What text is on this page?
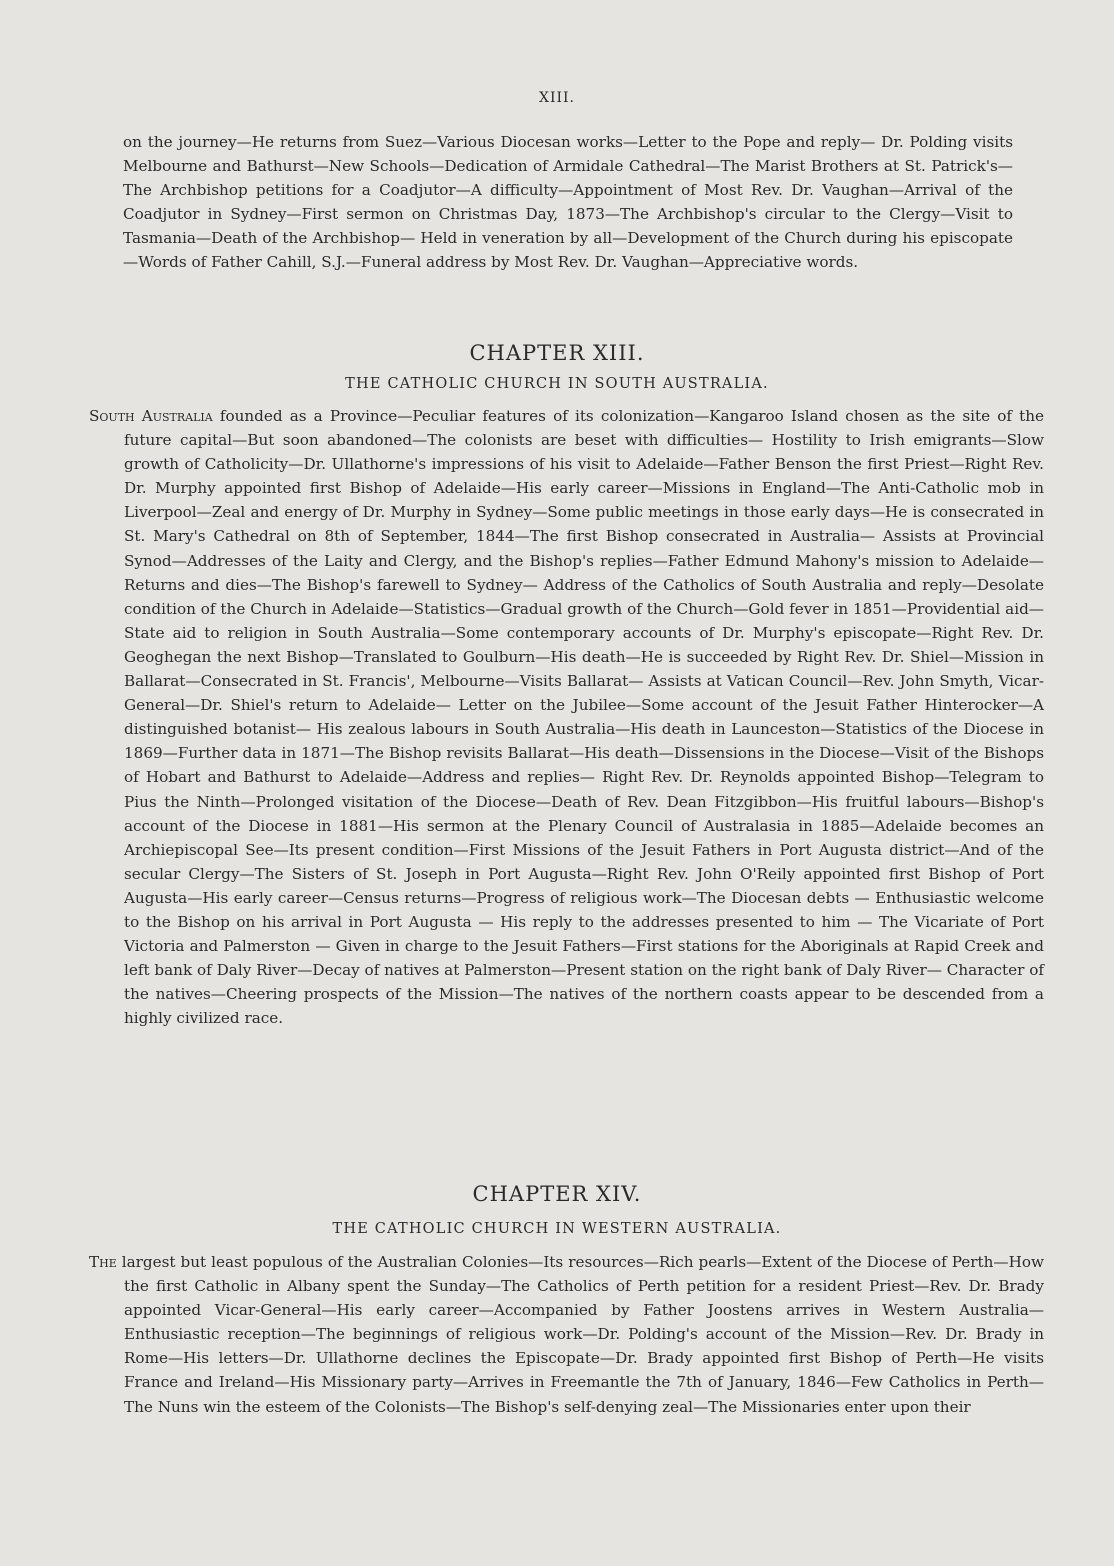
XIII.
on the journey—He returns from Suez—Various Diocesan works—Letter to the Pope and reply— Dr. Polding visits Melbourne and Bathurst—New Schools—Dedication of Armidale Cathedral—The Marist Brothers at St. Patrick's—The Archbishop petitions for a Coadjutor—A difficulty—Appointment of Most Rev. Dr. Vaughan—Arrival of the Coadjutor in Sydney—First sermon on Christmas Day, 1873—The Archbishop's circular to the Clergy—Visit to Tasmania—Death of the Archbishop— Held in veneration by all—Development of the Church during his episcopate—Words of Father Cahill, S.J.—Funeral address by Most Rev. Dr. Vaughan—Appreciative words.
CHAPTER XIII.
THE CATHOLIC CHURCH IN SOUTH AUSTRALIA.
South Australia founded as a Province—Peculiar features of its colonization—Kangaroo Island chosen as the site of the future capital—But soon abandoned—The colonists are beset with difficulties— Hostility to Irish emigrants—Slow growth of Catholicity—Dr. Ullathorne's impressions of his visit to Adelaide—Father Benson the first Priest—Right Rev. Dr. Murphy appointed first Bishop of Adelaide—His early career—Missions in England—The Anti-Catholic mob in Liverpool—Zeal and energy of Dr. Murphy in Sydney—Some public meetings in those early days—He is consecrated in St. Mary's Cathedral on 8th of September, 1844—The first Bishop consecrated in Australia— Assists at Provincial Synod—Addresses of the Laity and Clergy, and the Bishop's replies—Father Edmund Mahony's mission to Adelaide—Returns and dies—The Bishop's farewell to Sydney— Address of the Catholics of South Australia and reply—Desolate condition of the Church in Adelaide—Statistics—Gradual growth of the Church—Gold fever in 1851—Providential aid—State aid to religion in South Australia—Some contemporary accounts of Dr. Murphy's episcopate—Right Rev. Dr. Geoghegan the next Bishop—Translated to Goulburn—His death—He is succeeded by Right Rev. Dr. Shiel—Mission in Ballarat—Consecrated in St. Francis', Melbourne—Visits Ballarat— Assists at Vatican Council—Rev. John Smyth, Vicar-General—Dr. Shiel's return to Adelaide— Letter on the Jubilee—Some account of the Jesuit Father Hinterocker—A distinguished botanist— His zealous labours in South Australia—His death in Launceston—Statistics of the Diocese in 1869—Further data in 1871—The Bishop revisits Ballarat—His death—Dissensions in the Diocese—Visit of the Bishops of Hobart and Bathurst to Adelaide—Address and replies— Right Rev. Dr. Reynolds appointed Bishop—Telegram to Pius the Ninth—Prolonged visitation of the Diocese—Death of Rev. Dean Fitzgibbon—His fruitful labours—Bishop's account of the Diocese in 1881—His sermon at the Plenary Council of Australasia in 1885—Adelaide becomes an Archiepiscopal See—Its present condition—First Missions of the Jesuit Fathers in Port Augusta district—And of the secular Clergy—The Sisters of St. Joseph in Port Augusta—Right Rev. John O'Reily appointed first Bishop of Port Augusta—His early career—Census returns—Progress of religious work—The Diocesan debts — Enthusiastic welcome to the Bishop on his arrival in Port Augusta — His reply to the addresses presented to him — The Vicariate of Port Victoria and Palmerston — Given in charge to the Jesuit Fathers—First stations for the Aboriginals at Rapid Creek and left bank of Daly River—Decay of natives at Palmerston—Present station on the right bank of Daly River— Character of the natives—Cheering prospects of the Mission—The natives of the northern coasts appear to be descended from a highly civilized race.
CHAPTER XIV.
THE CATHOLIC CHURCH IN WESTERN AUSTRALIA.
The largest but least populous of the Australian Colonies—Its resources—Rich pearls—Extent of the Diocese of Perth—How the first Catholic in Albany spent the Sunday—The Catholics of Perth petition for a resident Priest—Rev. Dr. Brady appointed Vicar-General—His early career—Accompanied by Father Joostens arrives in Western Australia—Enthusiastic reception—The beginnings of religious work—Dr. Polding's account of the Mission—Rev. Dr. Brady in Rome—His letters—Dr. Ullathorne declines the Episcopate—Dr. Brady appointed first Bishop of Perth—He visits France and Ireland—His Missionary party—Arrives in Freemantle the 7th of January, 1846—Few Catholics in Perth—The Nuns win the esteem of the Colonists—The Bishop's self-denying zeal—The Missionaries enter upon their
